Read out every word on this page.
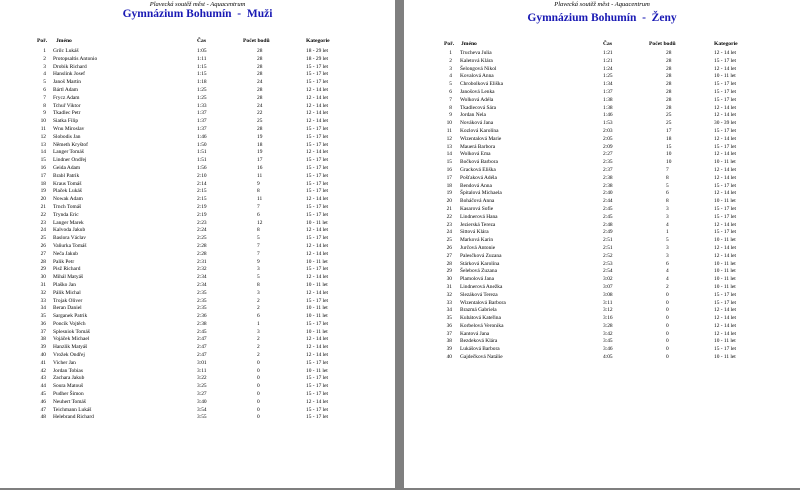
Plavecká soutěž měst - Aquacentrum
Gymnázium Bohumín  -  Muži
Poř. Jméno	Čas	Počet bodů	Kategorie
1 Grilc Lukáš	1:05	28	18 - 29 let
2 Protopsaltis Antonio	1:11	28	18 - 29 let
3 Drobik Richard	1:15	28	15 - 17 let
4 Hanslink Josef	1:15	28	15 - 17 let
5 Janoš Martin	1:18	24	15 - 17 let
6 Bártl Adam	1:25	28	12 - 14 let
7 Frycz Adam	1:25	28	12 - 14 let
8 Tchuř Viktor	1:33	24	12 - 14 let
9 Tkadlec Petr	1:37	22	12 - 14 let
10 Siatka Filip	1:37	25	12 - 14 let
11 Wnu Miroslav	1:37	28	15 - 17 let
12 Slobodis Jan	1:46	19	15 - 17 let
13 Němeth Kryštof	1:50	18	15 - 17 let
14 Langer Tomáš	1:51	19	12 - 14 let
15 Lindner Ondřej	1:51	17	15 - 17 let
16 Geida Adam	1:56	16	15 - 17 let
17 Brabl Patrik	2:10	11	15 - 17 let
18 Kraus Tomáš	2:14	9	15 - 17 let
19 Plaček Lukáš	2:15	8	15 - 17 let
20 Nowak Adam	2:15	11	12 - 14 let
21 Trnch Tomáš	2:19	7	15 - 17 let
22 Trynda Eric	2:19	6	15 - 17 let
23 Langer Marek	2:23	12	10 - 11 let
24 Kalvoda Jakub	2:24	8	12 - 14 let
25 Baslora Václav	2:25	5	15 - 17 let
26 Vaňurka Tomáš	2:28	7	12 - 14 let
27 Neča Jakub	2:28	7	12 - 14 let
28 Palik Petr	2:31	9	10 - 11 let
29 Pisž Richard	2:32	3	15 - 17 let
30 Mihál Matyáš	2:34	5	12 - 14 let
31 Plaško Jan	2:34	8	10 - 11 let
32 Pálik Michal	2:35	3	12 - 14 let
33 Trojak Oliver	2:35	2	15 - 17 let
34 Beran Daniel	2:35	2	10 - 11 let
35 Sarganek Patrik	2:36	6	10 - 11 let
36 Poncík Vojtěch	2:38	1	15 - 17 let
37 Splesniok Tomáš	2:45	3	10 - 11 let
38 Vojáček Michael	2:47	2	12 - 14 let
39 Hanzlik Matyáš	2:47	2	12 - 14 let
40 Vrožek Ondřej	2:47	2	12 - 14 let
41 Vicher Jan	3:01	0	15 - 17 let
42 Jordan Tobias	3:11	0	10 - 11 let
43 Zachara Jakub	3:22	0	15 - 17 let
44 Soura Matouš	3:25	0	15 - 17 let
45 Pudher Šimon	3:27	0	15 - 17 let
46 Neuhert Tomáš	3:40	0	12 - 14 let
47 Teichmann Lukáš	3:54	0	15 - 17 let
48 Helebrand Richard	3:55	0	15 - 17 let
Plavecká soutěž měst - Aquacentrum
Gymnázium Bohumín  -  Ženy
Poř. Jméno	Čas	Počet bodů	Kategorie
1 Trucheva Julia	1:21	28	12 - 14 let
2 Kaletová Klára	1:21	28	15 - 17 let
3 Šelongová Nikol	1:24	28	12 - 14 let
4 Kovalová Anna	1:25	28	10 - 11 let
5 Chrobolková Eliška	1:34	28	15 - 17 let
6 Janošová Lenka	1:37	28	15 - 17 let
7 Wolková Adéla	1:38	28	15 - 17 let
8 Tkadlecová Sára	1:38	28	12 - 14 let
9 Jordan Nela	1:46	25	12 - 14 let
10 Nováková Jana	1:53	25	30 - 39 let
11 Kozlová Karolína	2:03	17	15 - 17 let
12 Wizentalová Marie	2:05	18	12 - 14 let
13 Mauerá Barbora	2:09	15	15 - 17 let
14 Wolková Ema	2:27	10	12 - 14 let
15 Bočková Barbora	2:35	10	10 - 11 let
16 Gracková Eliška	2:37	7	12 - 14 let
17 Pošťaková Adéla	2:38	8	12 - 14 let
18 Bendová Anna	2:38	5	15 - 17 let
19 Špitalová Michaela	2:40	6	12 - 14 let
20 Boháčová Anna	2:44	8	10 - 11 let
21 Kasarová Sofie	2:45	3	15 - 17 let
22 Lindnerová Hana	2:45	3	15 - 17 let
23 Jezierská Tereza	2:48	4	12 - 14 let
24 Sittová Klára	2:49	1	15 - 17 let
25 Marková Karin	2:51	5	10 - 11 let
26 Jurčová Antonie	2:51	3	12 - 14 let
27 Palesčková Zuzana	2:52	3	12 - 14 let
28 Stárková Karolína	2:53	6	10 - 11 let
29 Šelebová Zuzana	2:54	4	10 - 11 let
30 Plamolová Jana	3:02	4	10 - 11 let
31 Lindnerová Anežka	3:07	2	10 - 11 let
32 Slezáková Tereza	3:08	0	15 - 17 let
33 Wizentalová Barbora	3:11	0	15 - 17 let
34 Brazmá Gabriela	3:12	0	12 - 14 let
35 Kubátová Kateřina	3:16	0	12 - 14 let
36 Korbelová Veronika	3:28	0	12 - 14 let
37 Kantová Jana	3:42	0	12 - 14 let
38 Bezdeková Klára	3:45	0	10 - 11 let
39 Lukášová Barbora	3:46	0	15 - 17 let
40 Gajdečková Natálie	4:05	0	10 - 11 let
